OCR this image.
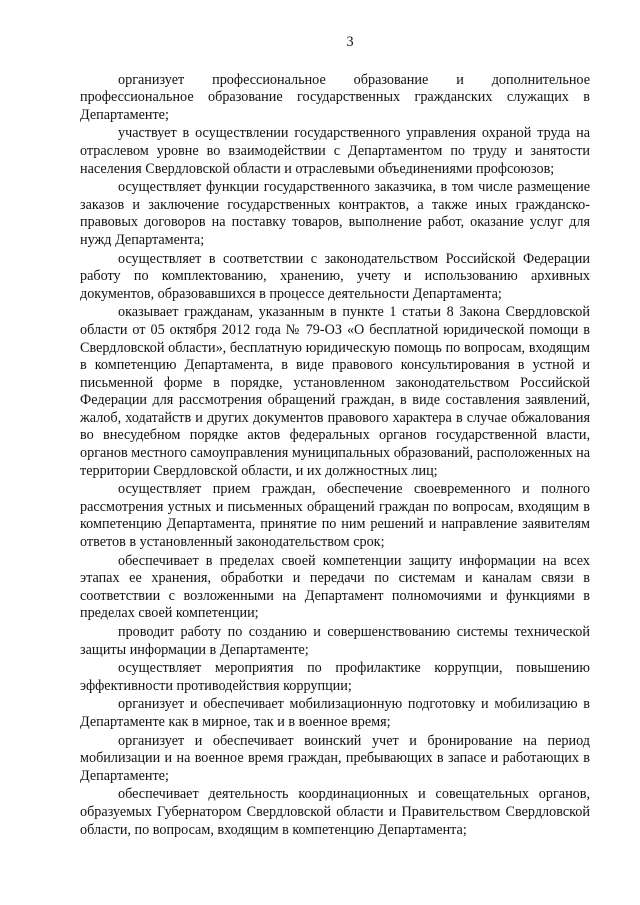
3

организует профессиональное образование и дополнительное профессиональное образование государственных гражданских служащих в Департаменте;

участвует в осуществлении государственного управления охраной труда на отраслевом уровне во взаимодействии с Департаментом по труду и занятости населения Свердловской области и отраслевыми объединениями профсоюзов;

осуществляет функции государственного заказчика, в том числе размещение заказов и заключение государственных контрактов, а также иных гражданско-правовых договоров на поставку товаров, выполнение работ, оказание услуг для нужд Департамента;

осуществляет в соответствии с законодательством Российской Федерации работу по комплектованию, хранению, учету и использованию архивных документов, образовавшихся в процессе деятельности Департамента;

оказывает гражданам, указанным в пункте 1 статьи 8 Закона Свердловской области от 05 октября 2012 года № 79-ОЗ «О бесплатной юридической помощи в Свердловской области», бесплатную юридическую помощь по вопросам, входящим в компетенцию Департамента, в виде правового консультирования в устной и письменной форме в порядке, установленном законодательством Российской Федерации для рассмотрения обращений граждан, в виде составления заявлений, жалоб, ходатайств и других документов правового характера в случае обжалования во внесудебном порядке актов федеральных органов государственной власти, органов местного самоуправления муниципальных образований, расположенных на территории Свердловской области, и их должностных лиц;

осуществляет прием граждан, обеспечение своевременного и полного рассмотрения устных и письменных обращений граждан по вопросам, входящим в компетенцию Департамента, принятие по ним решений и направление заявителям ответов в установленный законодательством срок;

обеспечивает в пределах своей компетенции защиту информации на всех этапах ее хранения, обработки и передачи по системам и каналам связи в соответствии с возложенными на Департамент полномочиями и функциями в пределах своей компетенции;

проводит работу по созданию и совершенствованию системы технической защиты информации в Департаменте;

осуществляет мероприятия по профилактике коррупции, повышению эффективности противодействия коррупции;

организует и обеспечивает мобилизационную подготовку и мобилизацию в Департаменте как в мирное, так и в военное время;

организует и обеспечивает воинский учет и бронирование на период мобилизации и на военное время граждан, пребывающих в запасе и работающих в Департаменте;

обеспечивает деятельность координационных и совещательных органов, образуемых Губернатором Свердловской области и Правительством Свердловской области, по вопросам, входящим в компетенцию Департамента;
